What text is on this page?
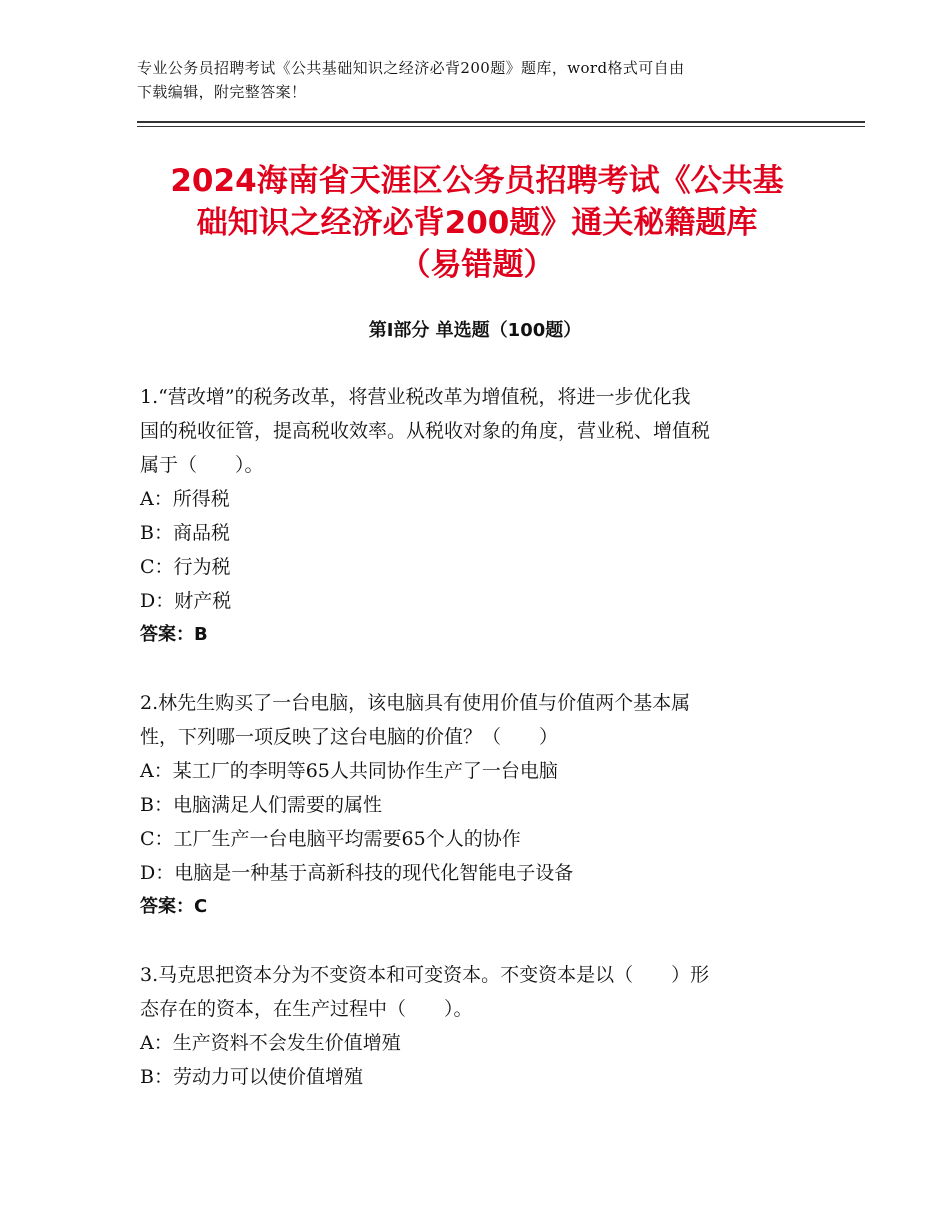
专业公务员招聘考试《公共基础知识之经济必背200题》题库，word格式可自由
下载编辑，附完整答案！
2024海南省天涯区公务员招聘考试《公共基
础知识之经济必背200题》通关秘籍题库
（易错题）
第Ⅰ部分 单选题（100题）
1.“营改增”的税务改革，将营业税改革为增值税，将进一步优化我
国的税收征管，提高税收效率。从税收对象的角度，营业税、增值税
属于（　　）。
A：所得税
B：商品税
C：行为税
D：财产税
答案：B
2.林先生购买了一台电脑，该电脑具有使用价值与价值两个基本属
性，下列哪一项反映了这台电脑的价值？（　　）
A：某工厂的李明等65人共同协作生产了一台电脑
B：电脑满足人们需要的属性
C：工厂生产一台电脑平均需要65个人的协作
D：电脑是一种基于高新科技的现代化智能电子设备
答案：C
3.马克思把资本分为不变资本和可变资本。不变资本是以（　　）形
态存在的资本，在生产过程中（　　）。
A：生产资料不会发生价值增殖
B：劳动力可以使价值增殖
